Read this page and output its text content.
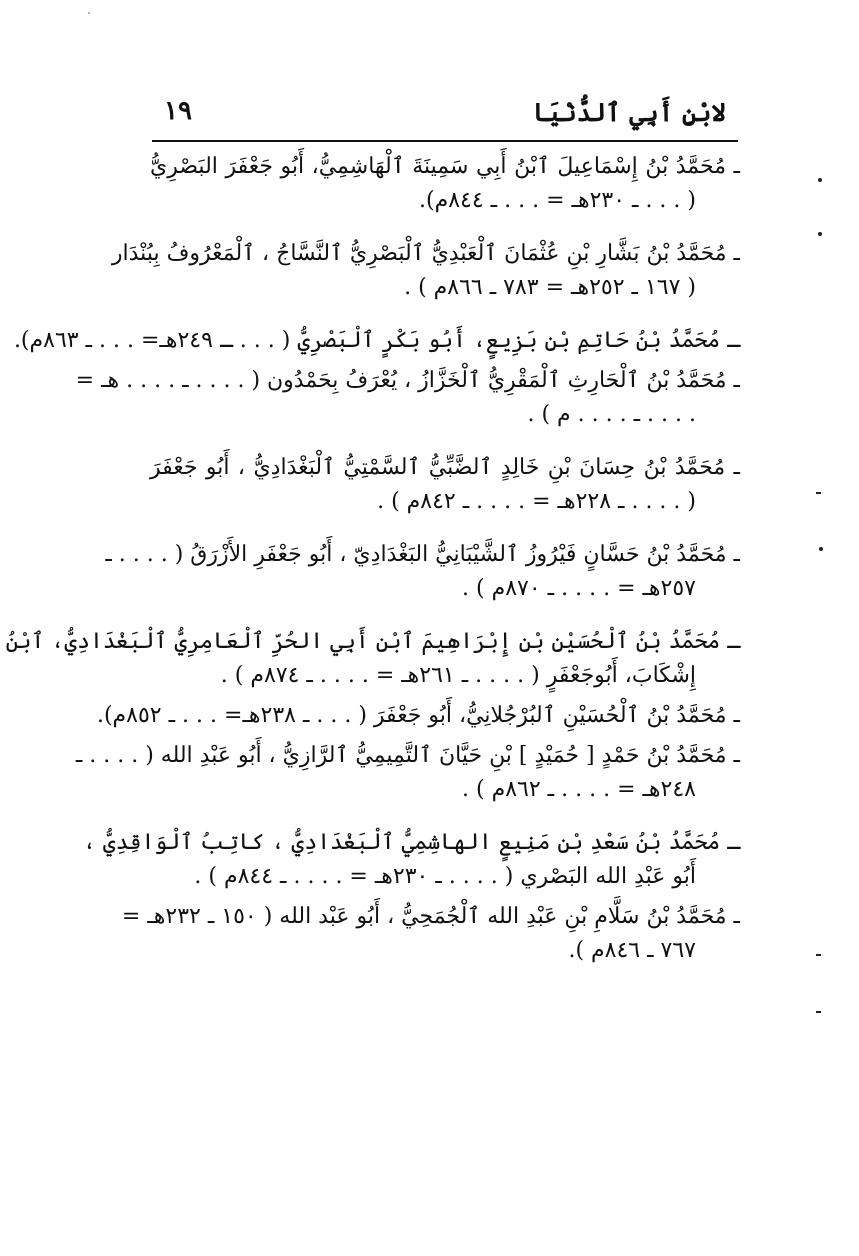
لابْنِ أَبِي ٱلدُّنْيَا
١٩
ـ مُحَمَّدُ بْنُ إِسْمَاعِيلَ ٱبْنُ أَبِي سَمِينَةَ ٱلْهَاشِمِيُّ، أَبُو جَعْفَرَ البَصْرِيُّ
( . . . ـ ٢٣٠هـ = . . . ـ ٨٤٤م).
ـ مُحَمَّدُ بْنُ بَشَّارِ بْنِ عُثْمَانَ ٱلْعَبْدِيُّ ٱلْبَصْرِيُّ ٱلنَّسَّاجُ ، ٱلْمَعْرُوفُ بِبُنْدَار
( ١٦٧ ـ ٢٥٢هـ = ٧٨٣ ـ ٨٦٦م ) .
ـ مُحَمَّدُ بْنُ حَاتِمِ بْنِ بَزِيعٍ، أَبُو بَكْرٍ ٱلْبَصْرِيُّ ( . . . ـ ٢٤٩هـ= . . . ـ ٨٦٣م).
ـ مُحَمَّدُ بْنُ ٱلْحَارِثِ ٱلْمَقْرِيُّ ٱلْخَزَّازُ ، يُعْرَفُ بِحَمْدُون ( . . . . ـ . . . . هـ =
. . . . ـ . . . . م ) .
ـ مُحَمَّدُ بْنُ حِسَانَ بْنِ خَالِدٍ ٱلضَّبِّيُّ ٱلسَّمْتِيُّ ٱلْبَغْدَادِيُّ ، أَبُو جَعْفَرَ
( . . . . ـ ٢٢٨هـ = . . . . ـ ٨٤٢م ) .
ـ مُحَمَّدُ بْنُ حَسَّانٍ فَيْرُوزُ ٱلشَّيْبَانِيُّ البَغْدَادِيّ ، أَبُو جَعْفَرِ الأَزْرَقُ ( . . . . ـ
٢٥٧هـ = . . . . ـ ٨٧٠م ) .
ـ مُحَمَّدُ بْنُ ٱلْحُسَيْنِ بْنِ إِبْرَاهِيمَ ٱبْنِ أَبِي الحُرِّ ٱلْعَامِرِيُّ ٱلْبَغْدَادِيُّ، ٱبْنُ
إِشْكَابَ، أَبُوجَعْفَرٍ ( . . . . ـ ٢٦١هـ = . . . . ـ ٨٧٤م ) .
ـ مُحَمَّدُ بْنُ ٱلْحُسَيْنِ ٱلبُرْجُلانِيُّ، أَبُو جَعْفَرَ ( . . . ـ ٢٣٨هـ= . . . ـ ٨٥٢م).
ـ مُحَمَّدُ بْنُ حَمْدٍ [ حُمَيْدٍ ] بْنِ حَيَّانَ ٱلتَّمِيمِيُّ ٱلرَّازِيُّ ، أَبُو عَبْدِ الله ( . . . . ـ
٢٤٨هـ = . . . . ـ ٨٦٢م ) .
ـ مُحَمَّدُ بْنُ سَعْدِ بْنِ مَنِيعٍ الهاشِمِيُّ ٱلْبَغْدَادِيُّ ، كاتِبُ ٱلْوَاقِدِيُّ ،
أَبُو عَبْدِ الله البَصْري ( . . . . ـ ٢٣٠هـ = . . . . ـ ٨٤٤م ) .
ـ مُحَمَّدُ بْنُ سَلَّامِ بْنِ عَبْدِ الله ٱلْجُمَحِيُّ ، أَبُو عَبْد الله ( ١٥٠ ـ ٢٣٢هـ =
٧٦٧ ـ ٨٤٦م ).
